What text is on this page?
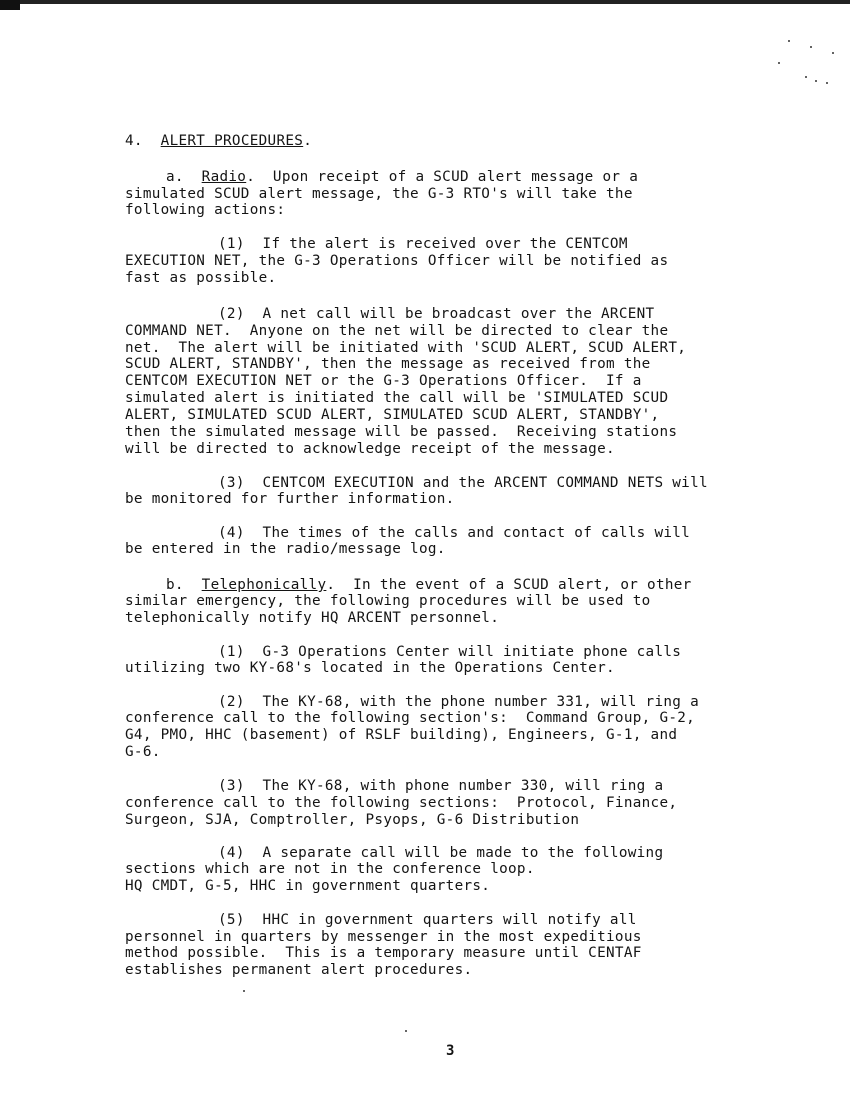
4. ALERT PROCEDURES.
a. Radio.  Upon receipt of a SCUD alert message or a
simulated SCUD alert message, the G-3 RTO's will take the
following actions:
(1)  If the alert is received over the CENTCOM
EXECUTION NET, the G-3 Operations Officer will be notified as
fast as possible.
(2)  A net call will be broadcast over the ARCENT
COMMAND NET.  Anyone on the net will be directed to clear the
net.  The alert will be initiated with 'SCUD ALERT, SCUD ALERT,
SCUD ALERT, STANDBY', then the message as received from the
CENTCOM EXECUTION NET or the G-3 Operations Officer.  If a
simulated alert is initiated the call will be 'SIMULATED SCUD
ALERT, SIMULATED SCUD ALERT, SIMULATED SCUD ALERT, STANDBY',
then the simulated message will be passed.  Receiving stations
will be directed to acknowledge receipt of the message.
(3)  CENTCOM EXECUTION and the ARCENT COMMAND NETS will
be monitored for further information.
(4)  The times of the calls and contact of calls will
be entered in the radio/message log.
b. Telephonically.  In the event of a SCUD alert, or other
similar emergency, the following procedures will be used to
telephonically notify HQ ARCENT personnel.
(1)  G-3 Operations Center will initiate phone calls
utilizing two KY-68's located in the Operations Center.
(2)  The KY-68, with the phone number 331, will ring a
conference call to the following section's:  Command Group, G-2,
G4, PMO, HHC (basement) of RSLF building), Engineers, G-1, and
G-6.
(3)  The KY-68, with phone number 330, will ring a
conference call to the following sections:  Protocol, Finance,
Surgeon, SJA, Comptroller, Psyops, G-6 Distribution
(4)  A separate call will be made to the following
sections which are not in the conference loop.
HQ CMDT, G-5, HHC in government quarters.
(5)  HHC in government quarters will notify all
personnel in quarters by messenger in the most expeditious
method possible.  This is a temporary measure until CENTAF
establishes permanent alert procedures.
3
